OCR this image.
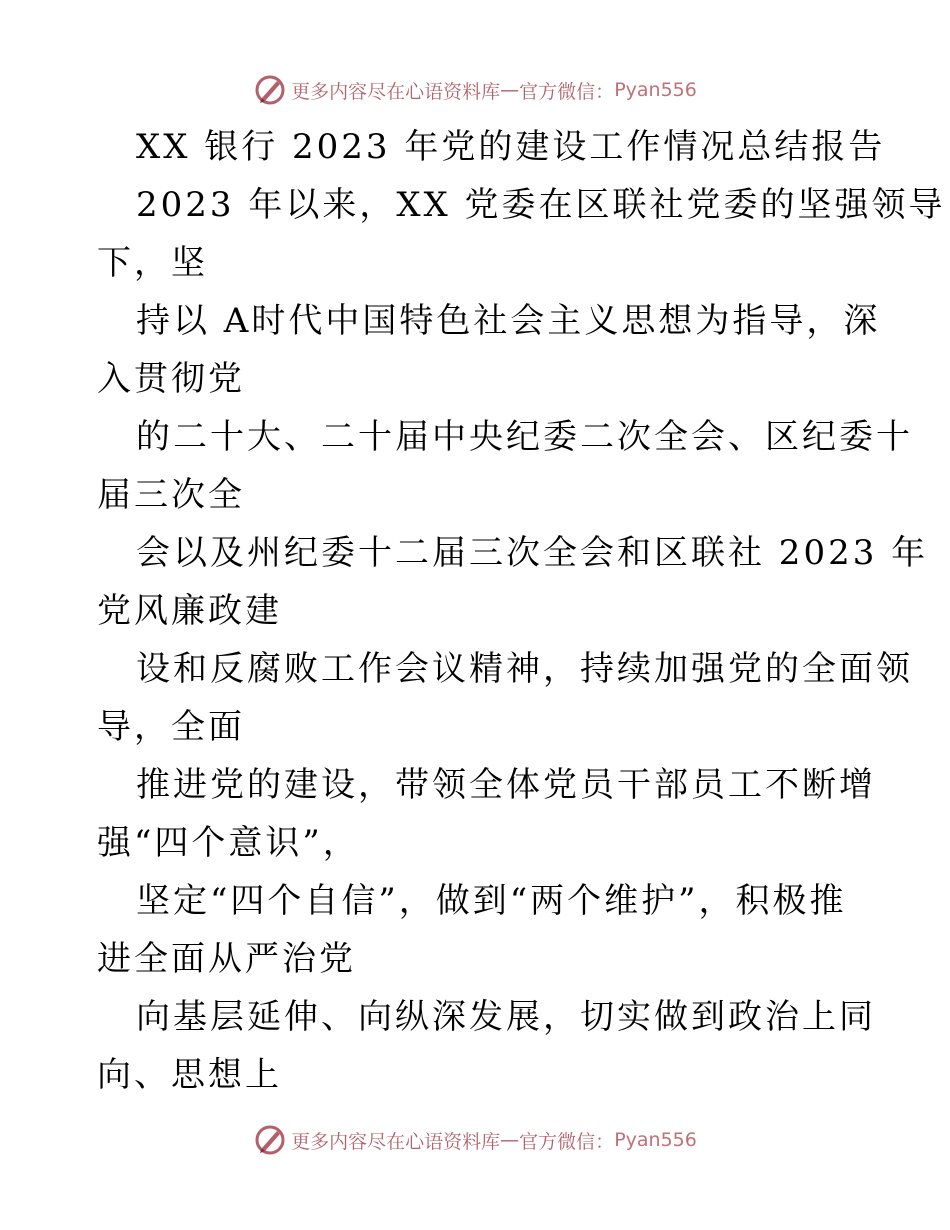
更多内容尽在心语资料库 — 官方微信： Pyan556
XX 银行 2023 年党的建设工作情况总结报告
2023 年以来，XX 党委在区联社党委的坚强领导
下，坚
持以 A时代中国特色社会主义思想为指导，深
入贯彻党
的二十大、二十届中央纪委二次全会、区纪委十
届三次全
会以及州纪委十二届三次全会和区联社 2023 年
党风廉政建
设和反腐败工作会议精神，持续加强党的全面领
导，全面
推进党的建设，带领全体党员干部员工不断增
强“四个意识”，
坚定“四个自信”，做到“两个维护”，积极推
进全面从严治党
向基层延伸、向纵深发展，切实做到政治上同
向、思想上
更多内容尽在心语资料库 — 官方微信： Pyan556
